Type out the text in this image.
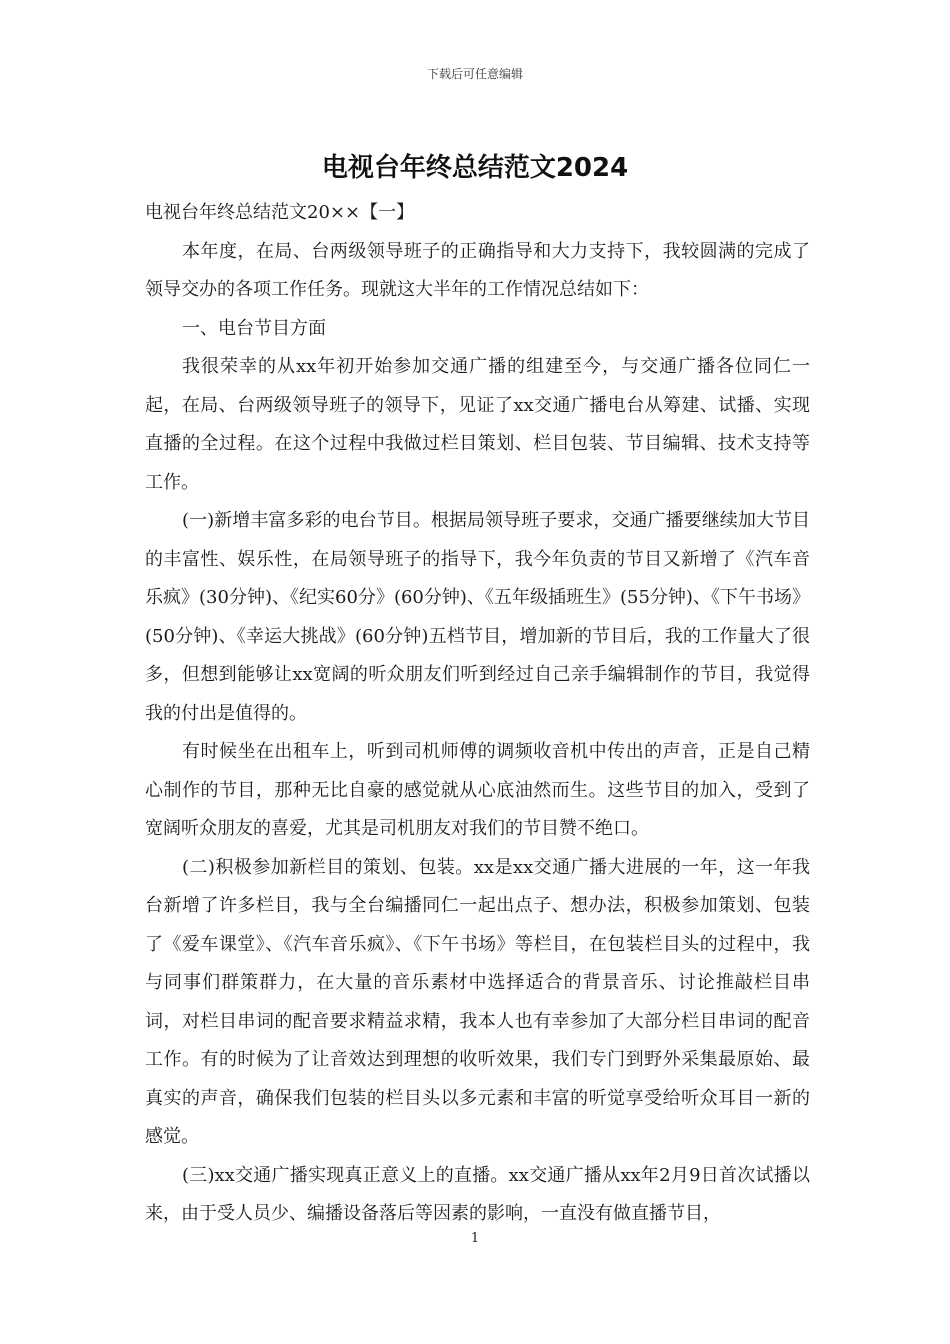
下载后可任意编辑
电视台年终总结范文2024

电视台年终总结范文20××【一】

本年度，在局、台两级领导班子的正确指导和大力支持下，我较圆满的完成了领导交办的各项工作任务。现就这大半年的工作情况总结如下：

一、电台节目方面

我很荣幸的从xx年初开始参加交通广播的组建至今，与交通广播各位同仁一起，在局、台两级领导班子的领导下，见证了xx交通广播电台从筹建、试播、实现直播的全过程。在这个过程中我做过栏目策划、栏目包装、节目编辑、技术支持等工作。

(一)新增丰富多彩的电台节目。根据局领导班子要求，交通广播要继续加大节目的丰富性、娱乐性，在局领导班子的指导下，我今年负责的节目又新增了《汽车音乐疯》(30分钟)、《纪实60分》(60分钟)、《五年级插班生》(55分钟)、《下午书场》(50分钟)、《幸运大挑战》(60分钟)五档节目，增加新的节目后，我的工作量大了很多，但想到能够让xx宽阔的听众朋友们听到经过自己亲手编辑制作的节目，我觉得我的付出是值得的。

有时候坐在出租车上，听到司机师傅的调频收音机中传出的声音，正是自己精心制作的节目，那种无比自豪的感觉就从心底油然而生。这些节目的加入，受到了宽阔听众朋友的喜爱，尤其是司机朋友对我们的节目赞不绝口。

(二)积极参加新栏目的策划、包装。xx是xx交通广播大进展的一年，这一年我台新增了许多栏目，我与全台编播同仁一起出点子、想办法，积极参加策划、包装了《爱车课堂》、《汽车音乐疯》、《下午书场》等栏目，在包装栏目头的过程中，我与同事们群策群力，在大量的音乐素材中选择适合的背景音乐、讨论推敲栏目串词，对栏目串词的配音要求精益求精，我本人也有幸参加了大部分栏目串词的配音工作。有的时候为了让音效达到理想的收听效果，我们专门到野外采集最原始、最真实的声音，确保我们包装的栏目头以多元素和丰富的听觉享受给听众耳目一新的感觉。

(三)xx交通广播实现真正意义上的直播。xx交通广播从xx年2月9日首次试播以来，由于受人员少、编播设备落后等因素的影响，一直没有做直播节目，

1
